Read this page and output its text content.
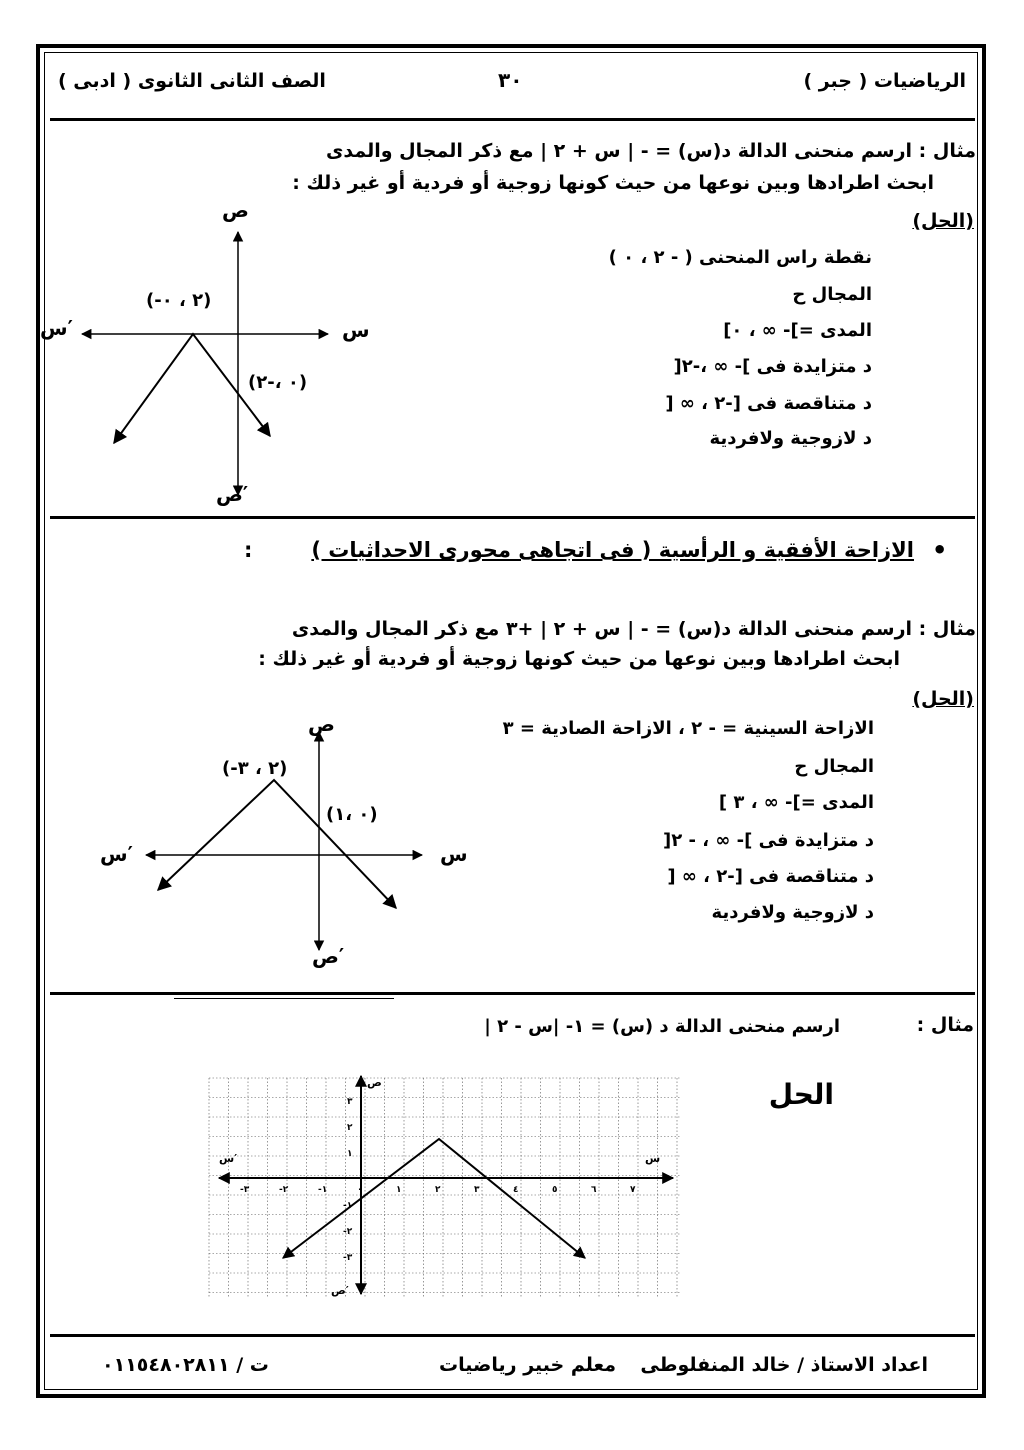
الرياضيات ( جبر )
٣٠
الصف الثانى الثانوى ( ادبى )
مثال : ارسم منحنى الدالة د(س) = - | س + ٢ | مع ذكر المجال والمدى
ابحث اطرادها وبين نوعها من حيث كونها زوجية أو فردية أو غير ذلك :
(الحل)
نقطة راس المنحنى ( - ٢ ، ٠ )
المجال ح
المدى =]- ∞ ، ٠]
د متزايدة فى ]- ∞ ،-٢[
د متناقصة فى [-٢ ، ∞ [
د لازوجية ولافردية
ص
ص′
س
س′
(-٢ ، ٠)
(٠ ،-٢)
•
الازاحة الأفقية و الرأسية ( فى اتجاهى محورى الاحداثيات )
:
مثال : ارسم منحنى الدالة د(س) = - | س + ٢ | +٣ مع ذكر المجال والمدى
ابحث اطرادها وبين نوعها من حيث كونها زوجية أو فردية أو غير ذلك :
(الحل)
الازاحة السينية = - ٢ ، الازاحة الصادية = ٣
المجال ح
المدى =]- ∞ ، ٣ ]
د متزايدة فى ]- ∞ ، - ٢[
د متناقصة فى [-٢ ، ∞ [
د لازوجية ولافردية
ص
ص′
س
س′
(-٢ ، ٣)
(٠ ،١)
مثال :
ارسم منحنى الدالة د (س) = ١- |س - ٢ |
الحل
-٣	-٢	-١	٠	١	٢	٣	٤	٥	٦	٧
٣
٢
١
-١
-٢
-٣
ص
ص′
س
س′
اعداد الاستاذ / خالد المنفلوطى
معلم خبير رياضيات
ت / ٠١١٥٤٨٠٢٨١١
